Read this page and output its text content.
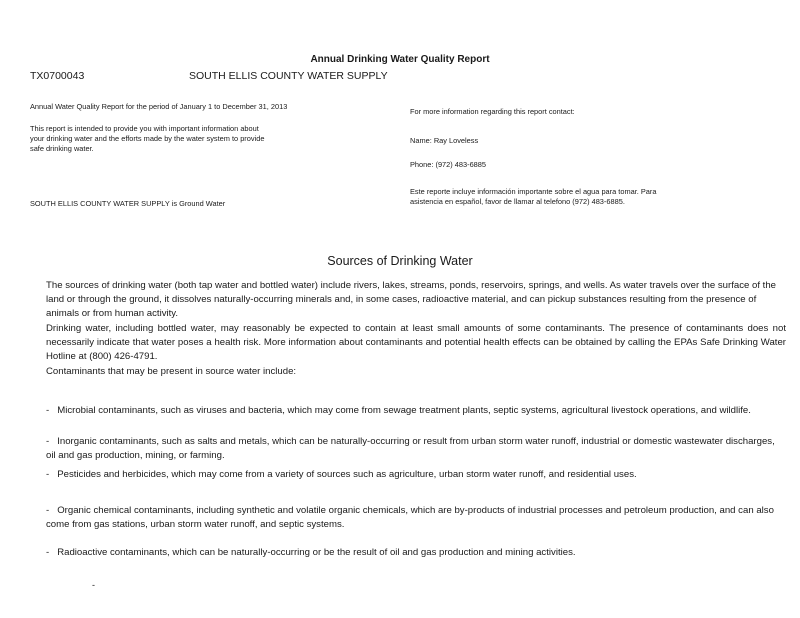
Annual Drinking Water Quality Report
TX0700043	SOUTH ELLIS COUNTY WATER SUPPLY
Annual Water Quality Report for the period of January 1 to December 31, 2013
This report is intended to provide you with important information about
your drinking water and the efforts made by the water system to provide
safe drinking water.
SOUTH ELLIS COUNTY WATER SUPPLY is Ground Water
For more information regarding this report contact:
Name: Ray Loveless
Phone: (972) 483-6885
Este reporte incluye información importante sobre el agua para tomar. Para
asistencia en español, favor de llamar al telefono (972) 483-6885.
Sources of Drinking Water
The sources of drinking water (both tap water and bottled water) include rivers, lakes, streams, ponds, reservoirs, springs, and wells. As water travels over the surface of the land or through the ground, it dissolves naturally-occurring minerals and, in some cases, radioactive material, and can pickup substances resulting from the presence of animals or from human activity.
Drinking water, including bottled water, may reasonably be expected to contain at least small amounts of some contaminants. The presence of contaminants does not necessarily indicate that water poses a health risk. More information about contaminants and potential health effects can be obtained by calling the EPAs Safe Drinking Water Hotline at (800) 426-4791.
Contaminants that may be present in source water include:
- Microbial contaminants, such as viruses and bacteria, which may come from sewage treatment plants, septic systems, agricultural livestock operations, and wildlife.
- Inorganic contaminants, such as salts and metals, which can be naturally-occurring or result from urban storm water runoff, industrial or domestic wastewater discharges, oil and gas production, mining, or farming.
- Pesticides and herbicides, which may come from a variety of sources such as agriculture, urban storm water runoff, and residential uses.
- Organic chemical contaminants, including synthetic and volatile organic chemicals, which are by-products of industrial processes and petroleum production, and can also come from gas stations, urban storm water runoff, and septic systems.
- Radioactive contaminants, which can be naturally-occurring or be the result of oil and gas production and mining activities.
-
